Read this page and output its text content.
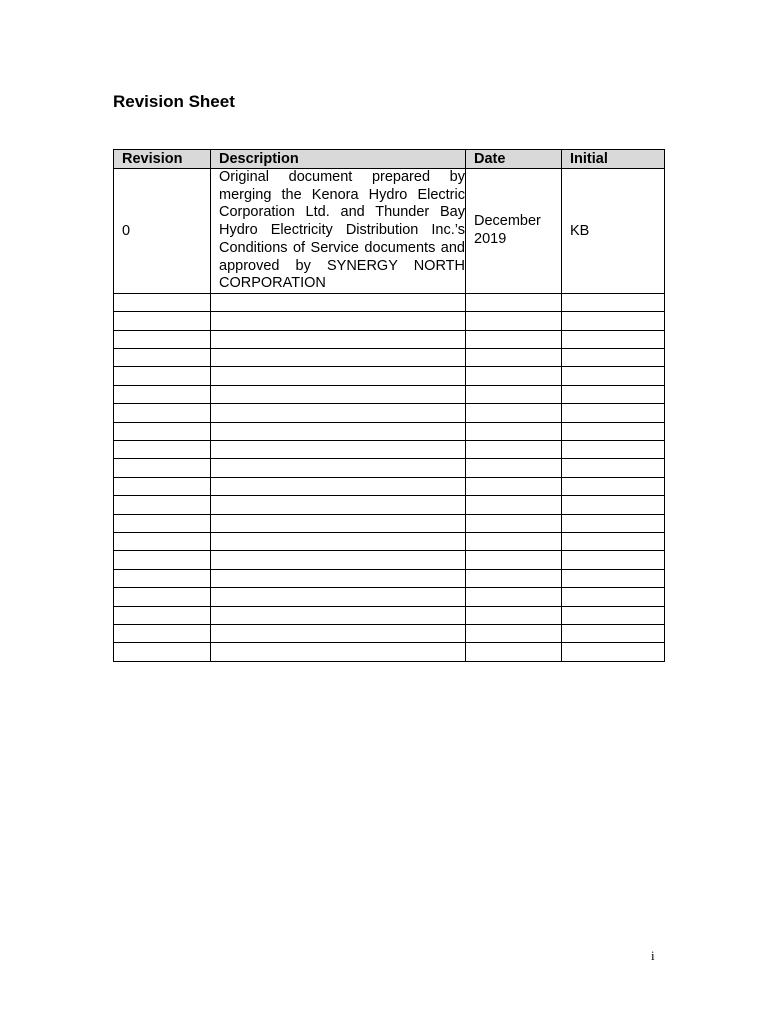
Revision Sheet
Revision	Description	Date	Initial
0	Original document prepared by merging the Kenora Hydro Electric Corporation Ltd. and Thunder Bay Hydro Electricity Distribution Inc.’s Conditions of Service documents and approved by SYNERGY NORTH CORPORATION	December 2019	KB

i
